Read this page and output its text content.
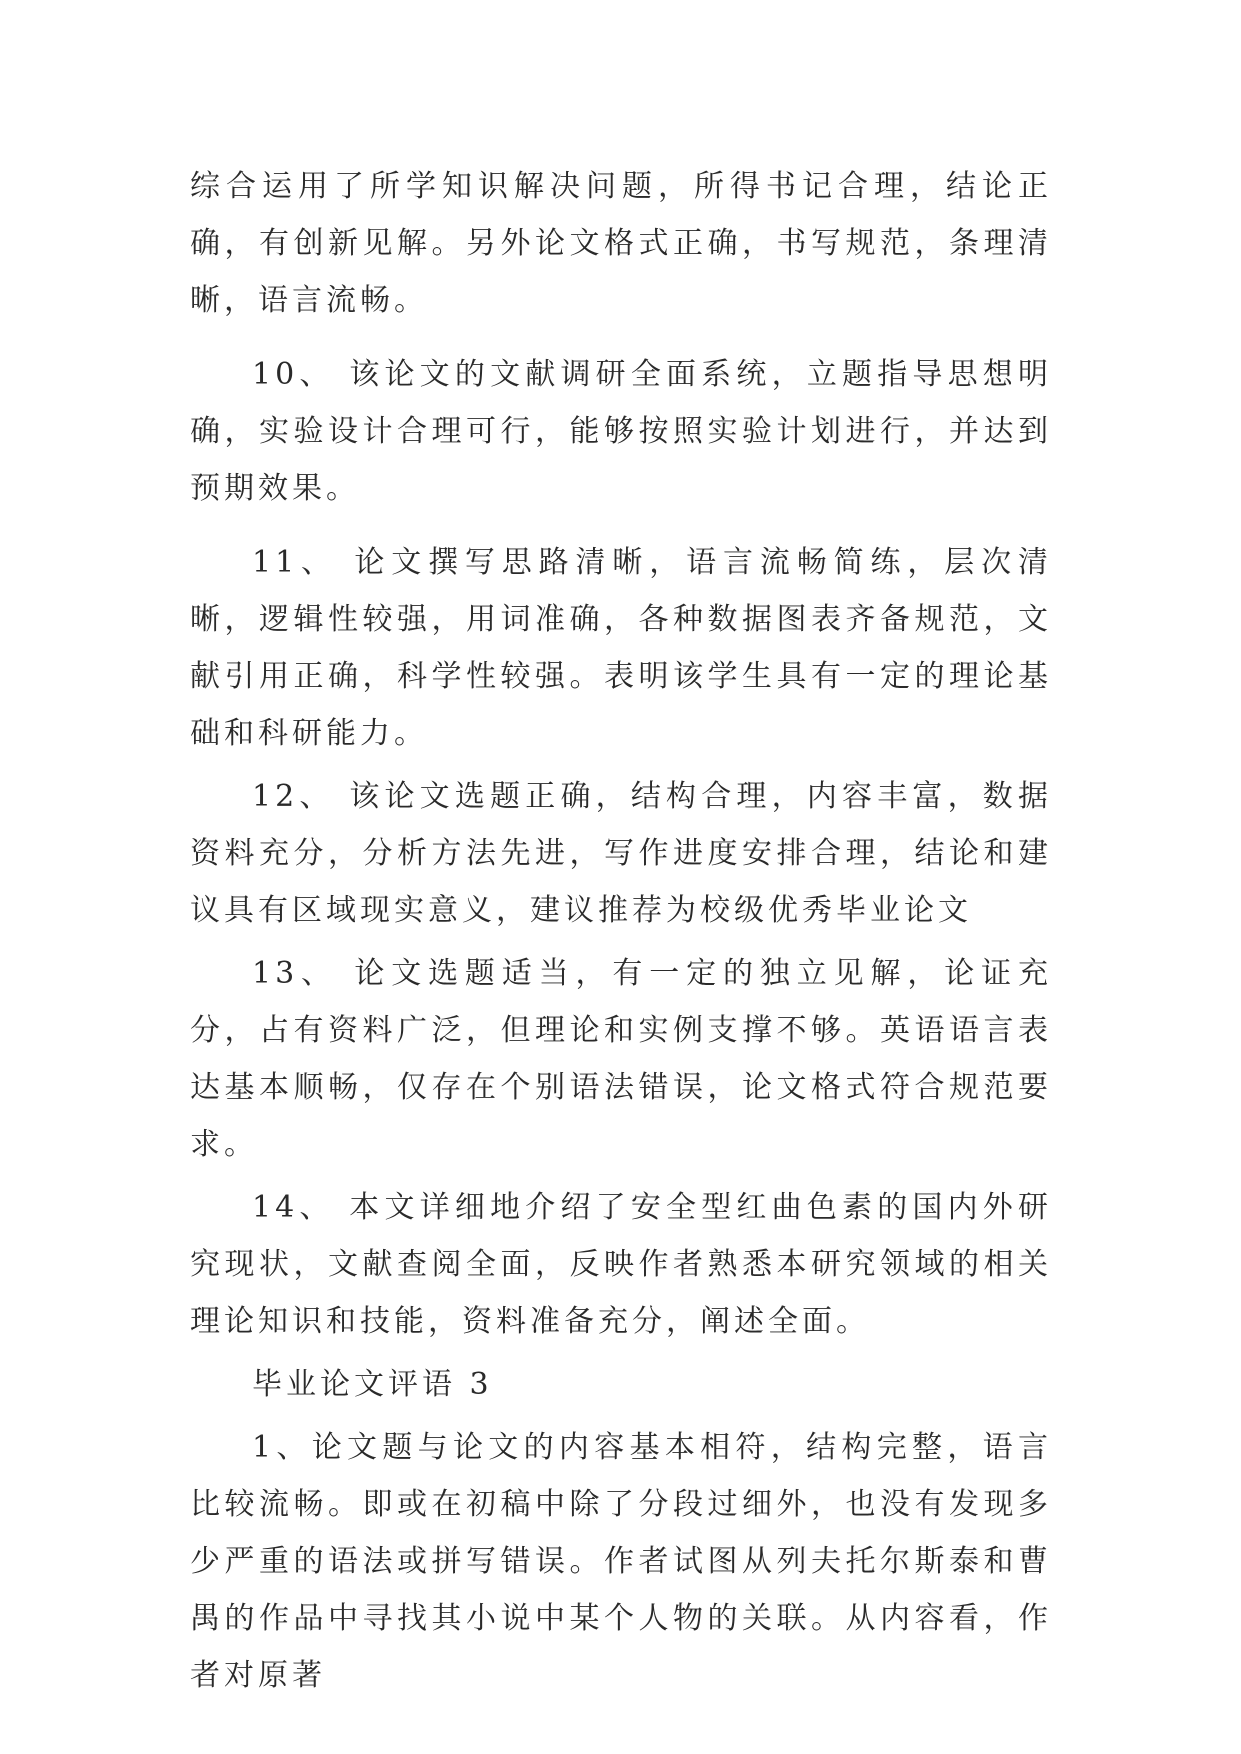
综合运用了所学知识解决问题，所得书记合理，结论正确，有创新见解。另外论文格式正确，书写规范，条理清晰，语言流畅。

10、 该论文的文献调研全面系统，立题指导思想明确，实验设计合理可行，能够按照实验计划进行，并达到预期效果。

11、 论文撰写思路清晰，语言流畅简练，层次清晰，逻辑性较强，用词准确，各种数据图表齐备规范，文献引用正确，科学性较强。表明该学生具有一定的理论基础和科研能力。

12、 该论文选题正确，结构合理，内容丰富，数据资料充分，分析方法先进，写作进度安排合理，结论和建议具有区域现实意义，建议推荐为校级优秀毕业论文

13、 论文选题适当，有一定的独立见解，论证充分，占有资料广泛，但理论和实例支撑不够。英语语言表达基本顺畅，仅存在个别语法错误，论文格式符合规范要求。

14、 本文详细地介绍了安全型红曲色素的国内外研究现状，文献查阅全面，反映作者熟悉本研究领域的相关理论知识和技能，资料准备充分，阐述全面。

毕业论文评语 3

1、论文题与论文的内容基本相符，结构完整，语言比较流畅。即或在初稿中除了分段过细外，也没有发现多少严重的语法或拼写错误。作者试图从列夫托尔斯泰和曹禺的作品中寻找其小说中某个人物的关联。从内容看，作者对原著
